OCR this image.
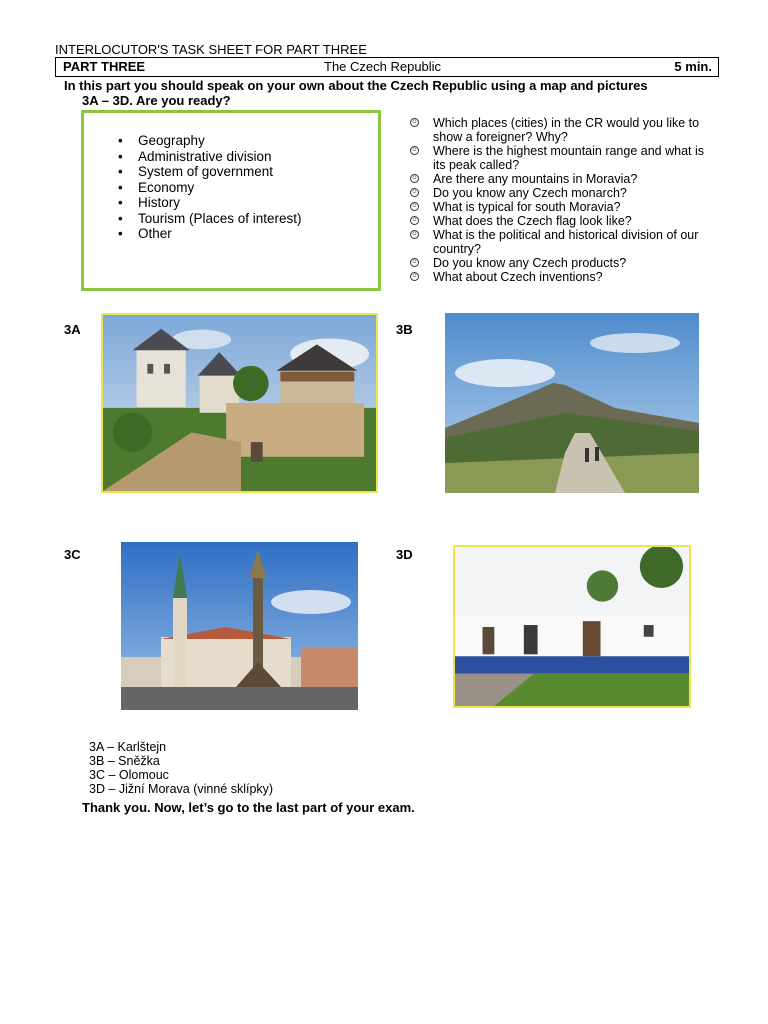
INTERLOCUTOR'S TASK SHEET FOR PART THREE
PART THREE	The Czech Republic	5 min.
In this part you should speak on your own about the Czech Republic using a map and pictures
3A – 3D. Are you ready?
• Geography
• Administrative division
• System of government
• Economy
• History
• Tourism (Places of interest)
• Other
☺ Which places (cities) in the CR would you like to show a foreigner? Why?
☺ Where is the highest mountain range and what is its peak called?
☺ Are there any mountains in Moravia?
☺ Do you know any Czech monarch?
☺ What is typical for south Moravia?
☺ What does the Czech flag look like?
☺ What is the political and historical division of our country?
☺ Do you know any Czech products?
☺ What about Czech inventions?
3A	3B
3C	3D
3A – Karlštejn
3B – Sněžka
3C – Olomouc
3D – Jižní Morava (vinné sklípky)
Thank you. Now, let’s go to the last part of your exam.
